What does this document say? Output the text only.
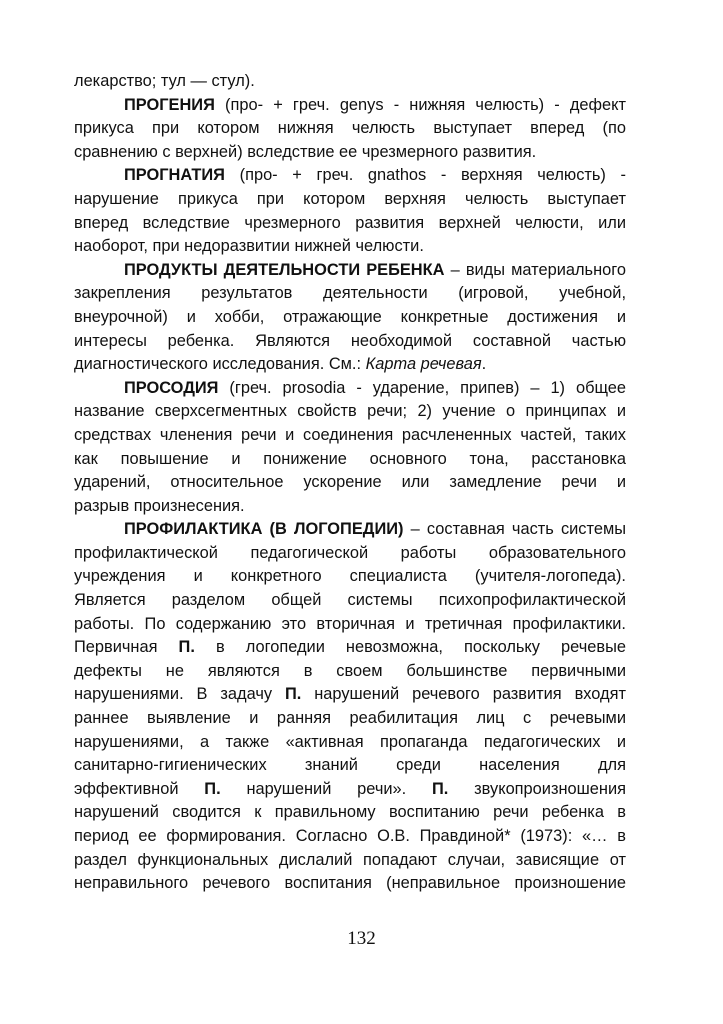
лекарство; тул — стул).
ПРОГЕНИЯ (про- + греч. genys - нижняя челюсть) - дефект
прикуса при котором нижняя челюсть выступает вперед (по
сравнению с верхней) вследствие ее чрезмерного развития.
ПРОГНАТИЯ (про- + греч. gnathos - верхняя челюсть) -
нарушение прикуса при котором верхняя челюсть выступает
вперед вследствие чрезмерного развития верхней челюсти, или
наоборот, при недоразвитии нижней челюсти.
ПРОДУКТЫ ДЕЯТЕЛЬНОСТИ РЕБЕНКА – виды материального
закрепления результатов деятельности (игровой, учебной,
внеурочной) и хобби, отражающие конкретные достижения и
интересы ребенка. Являются необходимой составной частью
диагностического исследования. См.: Карта речевая.
ПРОСОДИЯ (греч. prosodia - ударение, припев) – 1) общее
название сверхсегментных свойств речи; 2) учение о принципах и
средствах членения речи и соединения расчлененных частей, таких
как повышение и понижение основного тона, расстановка
ударений, относительное ускорение или замедление речи и
разрыв произнесения.
ПРОФИЛАКТИКА (В ЛОГОПЕДИИ) – составная часть системы
профилактической педагогической работы образовательного
учреждения и конкретного специалиста (учителя-логопеда).
Является разделом общей системы психопрофилактической
работы. По содержанию это вторичная и третичная профилактики.
Первичная П. в логопедии невозможна, поскольку речевые
дефекты не являются в своем большинстве первичными
нарушениями. В задачу П. нарушений речевого развития входят
раннее выявление и ранняя реабилитация лиц с речевыми
нарушениями, а также «активная пропаганда педагогических и
санитарно-гигиенических знаний среди населения для
эффективной П. нарушений речи». П. звукопроизношения
нарушений сводится к правильному воспитанию речи ребенка в
период ее формирования. Согласно О.В. Правдиной* (1973): «… в
раздел функциональных дислалий попадают случаи, зависящие от
неправильного речевого воспитания (неправильное произношение
132
